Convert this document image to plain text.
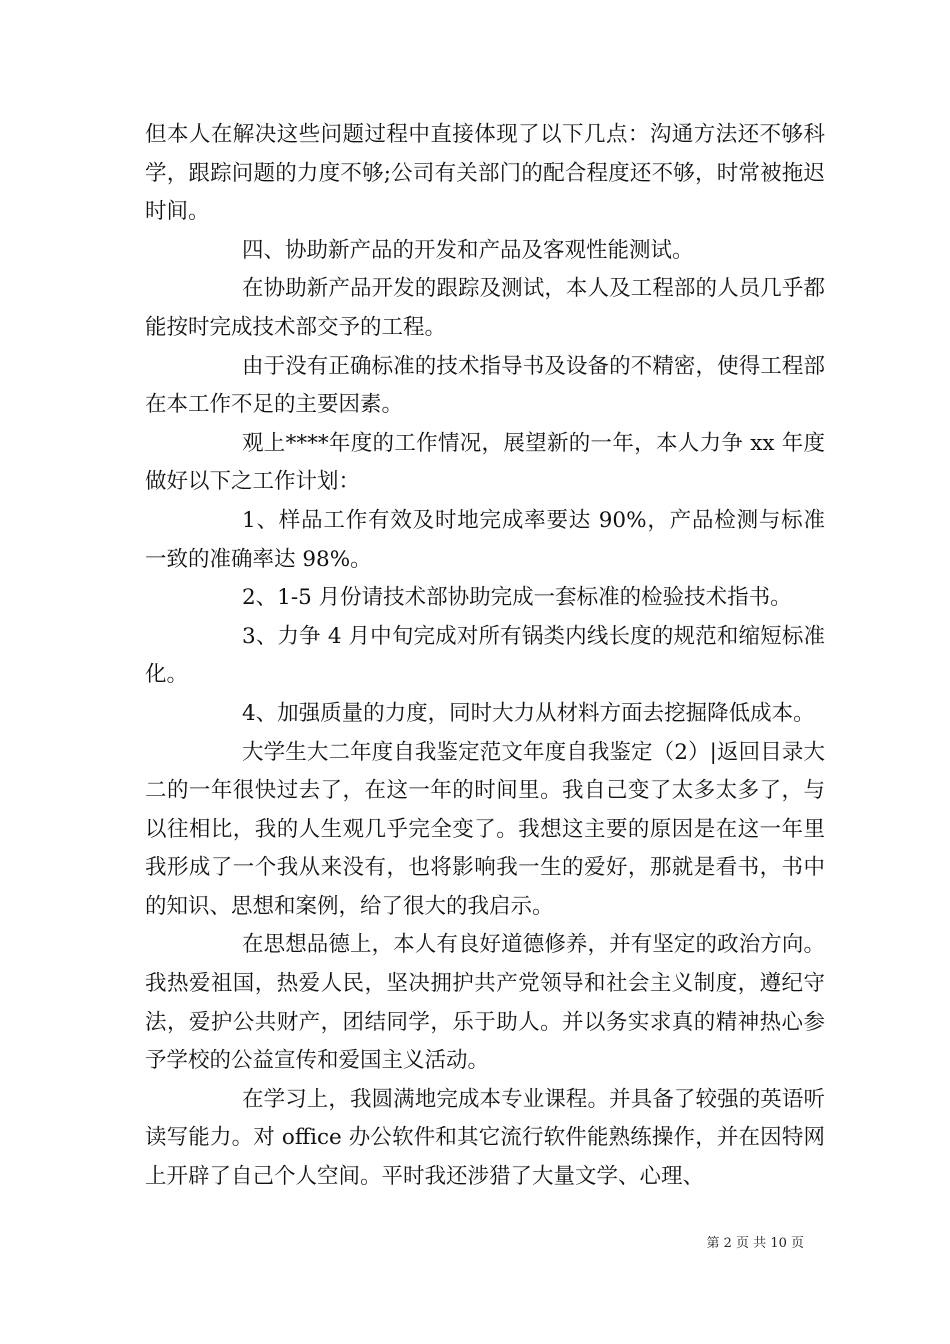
但本人在解决这些问题过程中直接体现了以下几点：沟通方法还不够科学，跟踪问题的力度不够;公司有关部门的配合程度还不够，时常被拖迟时间。

四、协助新产品的开发和产品及客观性能测试。

在协助新产品开发的跟踪及测试，本人及工程部的人员几乎都能按时完成技术部交予的工程。

由于没有正确标准的技术指导书及设备的不精密，使得工程部在本工作不足的主要因素。

观上****年度的工作情况，展望新的一年，本人力争 xx 年度做好以下之工作计划：

1、样品工作有效及时地完成率要达 90%，产品检测与标准一致的准确率达 98%。

2、1-5 月份请技术部协助完成一套标准的检验技术指书。

3、力争 4 月中旬完成对所有锅类内线长度的规范和缩短标准化。

4、加强质量的力度，同时大力从材料方面去挖掘降低成本。

大学生大二年度自我鉴定范文年度自我鉴定（2）|返回目录大二的一年很快过去了，在这一年的时间里。我自己变了太多太多了，与以往相比，我的人生观几乎完全变了。我想这主要的原因是在这一年里我形成了一个我从来没有，也将影响我一生的爱好，那就是看书，书中的知识、思想和案例，给了很大的我启示。

在思想品德上，本人有良好道德修养，并有坚定的政治方向。我热爱祖国，热爱人民，坚决拥护共产党领导和社会主义制度，遵纪守法，爱护公共财产，团结同学，乐于助人。并以务实求真的精神热心参予学校的公益宣传和爱国主义活动。

在学习上，我圆满地完成本专业课程。并具备了较强的英语听读写能力。对 office 办公软件和其它流行软件能熟练操作，并在因特网上开辟了自己个人空间。平时我还涉猎了大量文学、心理、

第 2 页 共 10 页
